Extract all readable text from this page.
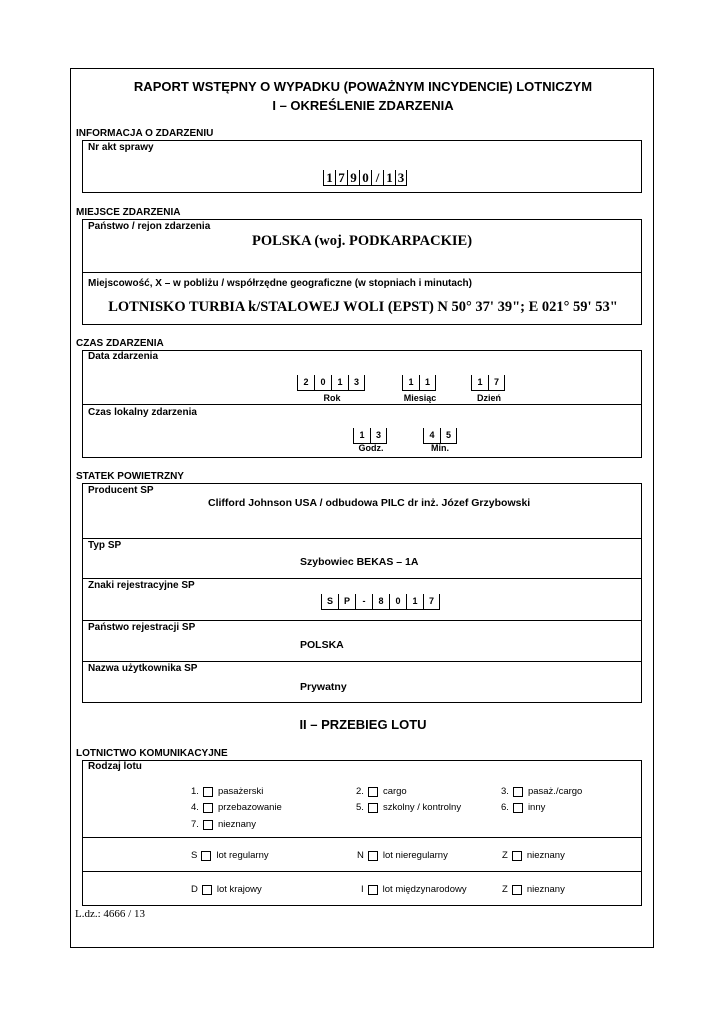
RAPORT WSTĘPNY O WYPADKU (POWAŻNYM INCYDENCIE) LOTNICZYM
I – OKREŚLENIE ZDARZENIA
INFORMACJA O ZDARZENIU
Nr akt sprawy
1 7 9 0 / 1 3
MIEJSCE ZDARZENIA
Państwo / rejon zdarzenia
POLSKA (woj. PODKARPACKIE)
Miejscowość, X – w pobliżu / współrzędne geograficzne (w stopniach i minutach)
LOTNISKO TURBIA k/STALOWEJ WOLI (EPST) N 50° 37' 39"; E 021° 59' 53"
CZAS ZDARZENIA
Data zdarzenia
2	0	1	3
Rok
1	1
Miesiąc
1	7
Dzień
Czas lokalny zdarzenia
1	3
Godz.
4	5
Min.
STATEK POWIETRZNY
Producent SP
Clifford Johnson USA / odbudowa PILC dr inż. Józef Grzybowski
Typ SP
Szybowiec BEKAS – 1A
Znaki rejestracyjne SP
S	P	-	8	0	1	7
Państwo rejestracji SP
POLSKA
Nazwa użytkownika SP
Prywatny
II – PRZEBIEG LOTU
LOTNICTWO KOMUNIKACYJNE
Rodzaj lotu
1. pasażerski	2. cargo	3. pasaż./cargo
4. przebazowanie	5. szkolny / kontrolny	6. inny
7. nieznany
S lot regularny	N lot nieregularny	Z nieznany
D lot krajowy	I lot międzynarodowy	Z nieznany
L.dz.: 4666 / 13
